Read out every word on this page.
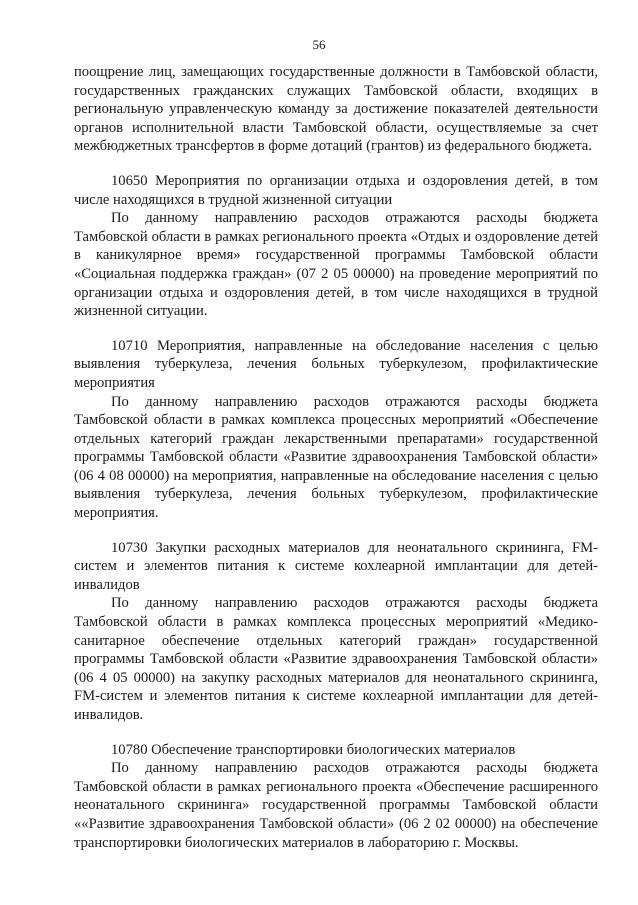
56

поощрение лиц, замещающих государственные должности в Тамбовской области, государственных гражданских служащих Тамбовской области, входящих в региональную управленческую команду за достижение показателей деятельности органов исполнительной власти Тамбовской области, осуществляемые за счет межбюджетных трансфертов в форме дотаций (грантов) из федерального бюджета.

10650 Мероприятия по организации отдыха и оздоровления детей, в том числе находящихся в трудной жизненной ситуации

По данному направлению расходов отражаются расходы бюджета Тамбовской области в рамках регионального проекта «Отдых и оздоровление детей в каникулярное время» государственной программы Тамбовской области «Социальная поддержка граждан» (07 2 05 00000) на проведение мероприятий по организации отдыха и оздоровления детей, в том числе находящихся в трудной жизненной ситуации.

10710 Мероприятия, направленные на обследование населения с целью выявления туберкулеза, лечения больных туберкулезом, профилактические мероприятия

По данному направлению расходов отражаются расходы бюджета Тамбовской области в рамках комплекса процессных мероприятий «Обеспечение отдельных категорий граждан лекарственными препаратами» государственной программы Тамбовской области «Развитие здравоохранения Тамбовской области» (06 4 08 00000) на мероприятия, направленные на обследование населения с целью выявления туберкулеза, лечения больных туберкулезом, профилактические мероприятия.

10730 Закупки расходных материалов для неонатального скрининга, FM-систем и элементов питания к системе кохлеарной имплантации для детей-инвалидов

По данному направлению расходов отражаются расходы бюджета Тамбовской области в рамках комплекса процессных мероприятий «Медико-санитарное обеспечение отдельных категорий граждан» государственной программы Тамбовской области «Развитие здравоохранения Тамбовской области» (06 4 05 00000) на закупку расходных материалов для неонатального скрининга, FM-систем и элементов питания к системе кохлеарной имплантации для детей-инвалидов.

10780 Обеспечение транспортировки биологических материалов

По данному направлению расходов отражаются расходы бюджета Тамбовской области в рамках регионального проекта «Обеспечение расширенного неонатального скрининга» государственной программы Тамбовской области ««Развитие здравоохранения Тамбовской области» (06 2 02 00000) на обеспечение транспортировки биологических материалов в лабораторию г. Москвы.
